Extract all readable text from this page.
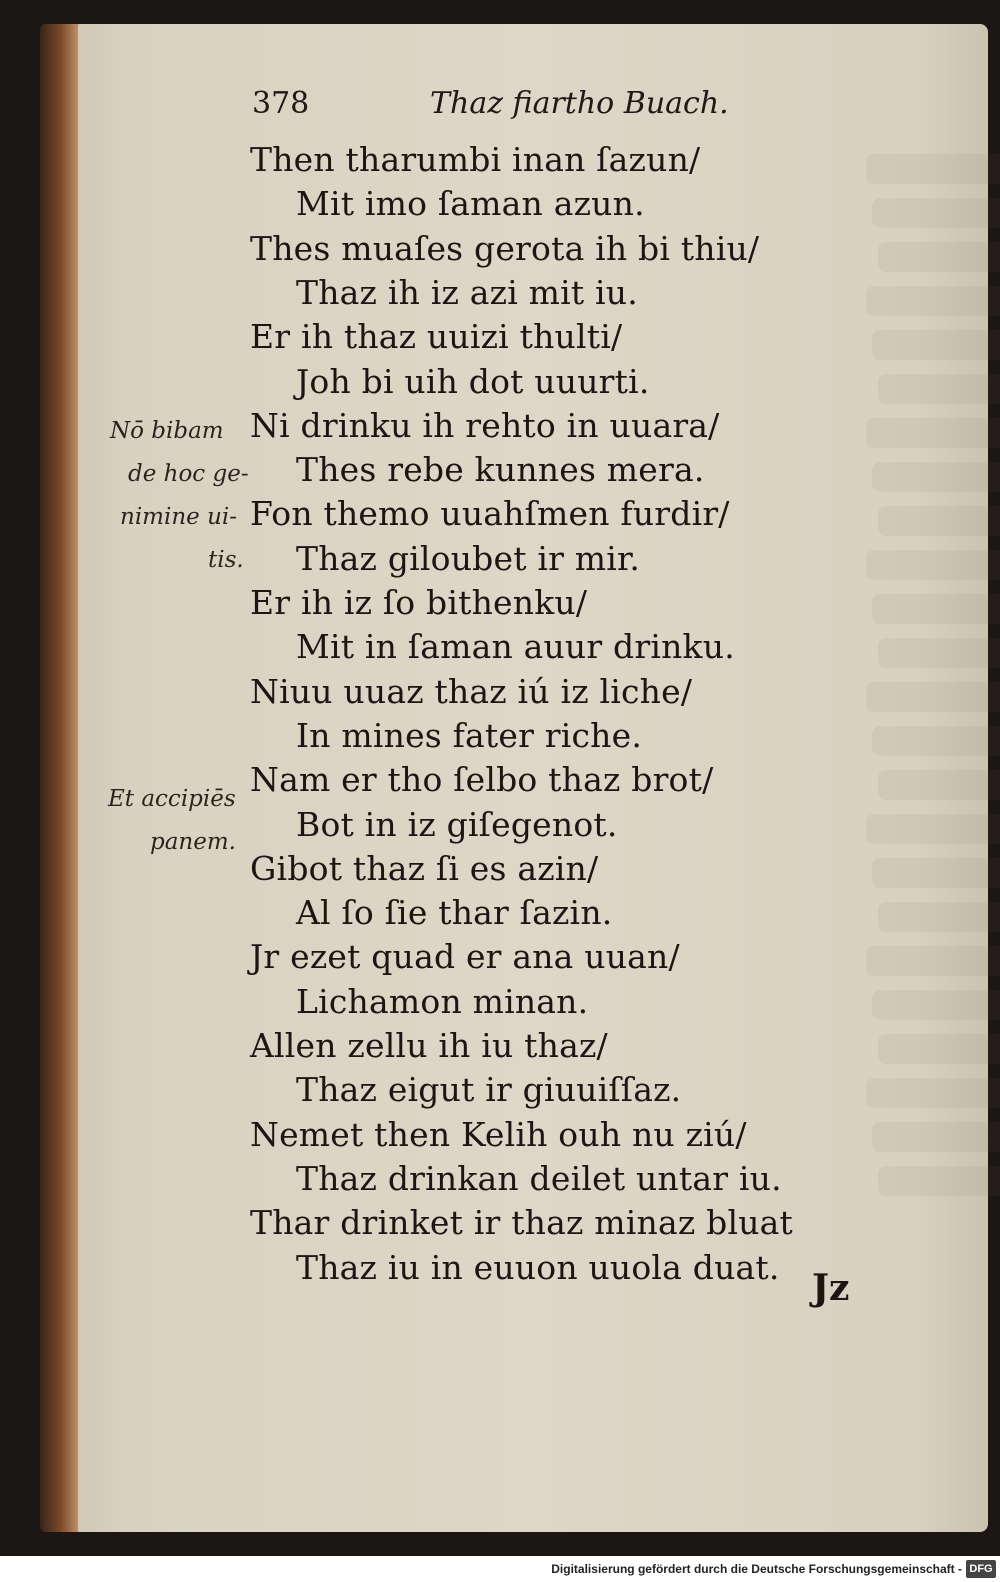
378	Thaz fiartho Buach.
Then tharumbi inan ſazun/
Mit imo ſaman azun.
Thes muaſes gerota ih bi thiu/
Thaz ih iz azi mit iu.
Er ih thaz uuizi thulti/
Joh bi uih dot uuurti.
Ni drinku ih rehto in uuara/
Thes rebe kunnes mera.
Fon themo uuahſmen furdir/
Thaz giloubet ir mir.
Er ih iz ſo bithenku/
Mit in ſaman auur drinku.
Niuu uuaz thaz iú iz liche/
In mines fater riche.
Nam er tho ſelbo thaz brot/
Bot in iz giſegenot.
Gibot thaz ſi es azin/
Al ſo ſie thar ſazin.
Jr ezet quad er ana uuan/
Lichamon minan.
Allen zellu ih iu thaz/
Thaz eigut ir giuuiſſaz.
Nemet then Kelih ouh nu ziú/
Thaz drinkan deilet untar iu.
Thar drinket ir thaz minaz bluat
Thaz iu in euuon uuola duat.
Nō bibam
de hoc ge-
nimine ui-
tis.
Et accipiēs
panem.
Jz
Digitalisierung gefördert durch die Deutsche Forschungsgemeinschaft - DFG
